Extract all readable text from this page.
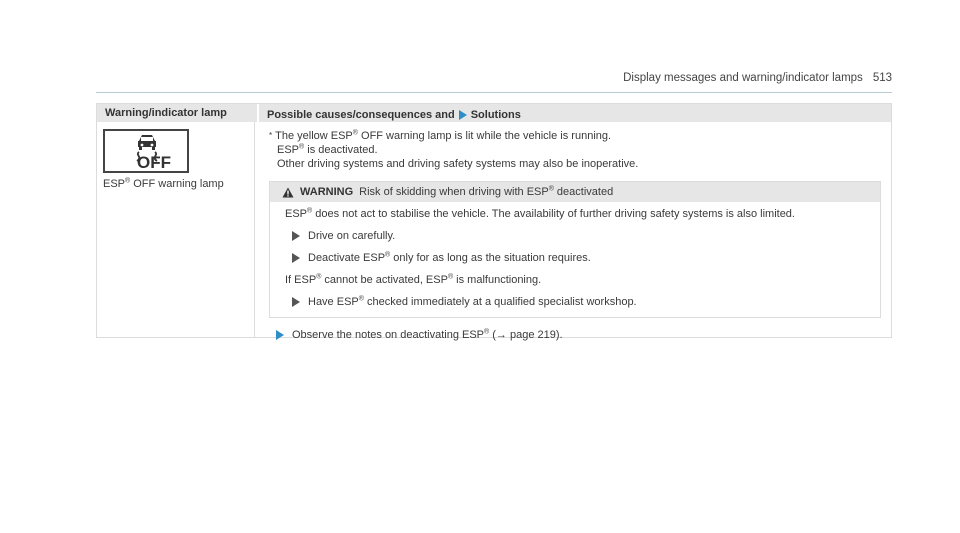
Display messages and warning/indicator lamps 513
Warning/indicator lamp	Possible causes/consequences and Solutions
OFF
ESP® OFF warning lamp
* The yellow ESP® OFF warning lamp is lit while the vehicle is running.
ESP® is deactivated.
Other driving systems and driving safety systems may also be inoperative.
WARNING Risk of skidding when driving with ESP® deactivated
ESP® does not act to stabilise the vehicle. The availability of further driving safety systems is also limited.
Drive on carefully.
Deactivate ESP® only for as long as the situation requires.
If ESP® cannot be activated, ESP® is malfunctioning.
Have ESP® checked immediately at a qualified specialist workshop.
Observe the notes on deactivating ESP® (→ page 219).
